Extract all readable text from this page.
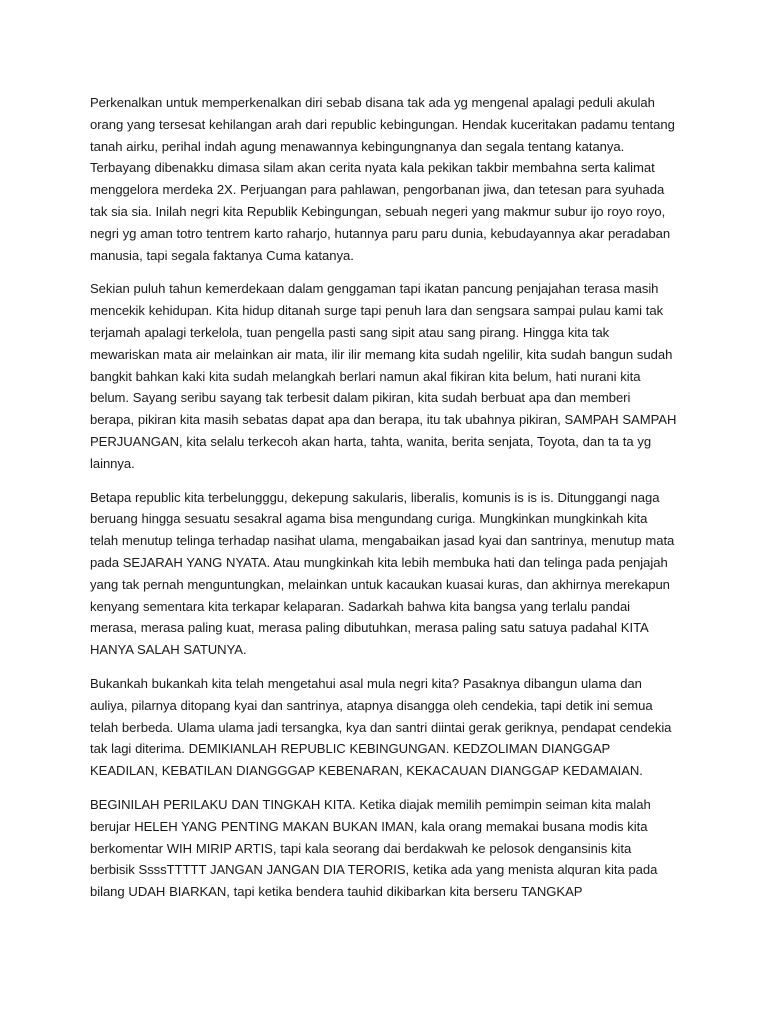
Perkenalkan untuk memperkenalkan diri sebab disana tak ada yg mengenal apalagi peduli akulah orang yang tersesat kehilangan arah dari republic kebingungan. Hendak kuceritakan padamu tentang tanah airku, perihal indah agung menawannya kebingungnanya dan segala tentang katanya. Terbayang dibenakku dimasa silam akan cerita nyata kala pekikan takbir membahna serta kalimat menggelora merdeka 2X. Perjuangan para pahlawan, pengorbanan jiwa, dan tetesan para syuhada tak sia sia. Inilah negri kita Republik Kebingungan, sebuah negeri yang makmur subur ijo royo royo, negri yg aman totro tentrem karto raharjo, hutannya paru paru dunia, kebudayannya akar peradaban manusia, tapi segala faktanya Cuma katanya.

Sekian puluh tahun kemerdekaan dalam genggaman tapi ikatan pancung penjajahan terasa masih mencekik kehidupan. Kita hidup ditanah surge tapi penuh lara dan sengsara sampai pulau kami tak terjamah apalagi terkelola, tuan pengella pasti sang sipit atau sang pirang. Hingga kita tak mewariskan mata air melainkan air mata, ilir ilir memang kita sudah ngelilir, kita sudah bangun sudah bangkit bahkan kaki kita sudah melangkah berlari namun akal fikiran kita belum, hati nurani kita belum. Sayang seribu sayang tak terbesit dalam pikiran, kita sudah berbuat apa dan memberi berapa, pikiran kita masih sebatas dapat apa dan berapa, itu tak ubahnya pikiran, SAMPAH SAMPAH PERJUANGAN, kita selalu terkecoh akan harta, tahta, wanita, berita senjata, Toyota, dan ta ta yg lainnya.

Betapa republic kita terbelungggu, dekepung sakularis, liberalis, komunis is is is. Ditunggangi naga beruang hingga sesuatu sesakral agama bisa mengundang curiga. Mungkinkan mungkinkah kita telah menutup telinga terhadap nasihat ulama, mengabaikan jasad kyai dan santrinya, menutup mata pada SEJARAH YANG NYATA. Atau mungkinkah kita lebih membuka hati dan telinga pada penjajah yang tak pernah menguntungkan, melainkan untuk kacaukan kuasai kuras, dan akhirnya merekapun kenyang sementara kita terkapar kelaparan. Sadarkah bahwa kita bangsa yang terlalu pandai merasa, merasa paling kuat, merasa paling dibutuhkan, merasa paling satu satuya padahal KITA HANYA SALAH SATUNYA.

Bukankah bukankah kita telah mengetahui asal mula negri kita? Pasaknya dibangun ulama dan auliya, pilarnya ditopang kyai dan santrinya, atapnya disangga oleh cendekia, tapi detik ini semua telah berbeda. Ulama ulama jadi tersangka, kya dan santri diintai gerak geriknya, pendapat cendekia tak lagi diterima. DEMIKIANLAH REPUBLIC KEBINGUNGAN. KEDZOLIMAN DIANGGAP KEADILAN, KEBATILAN DIANGGGAP KEBENARAN, KEKACAUAN DIANGGAP KEDAMAIAN.

BEGINILAH PERILAKU DAN TINGKAH KITA. Ketika diajak memilih pemimpin seiman kita malah berujar HELEH YANG PENTING MAKAN BUKAN IMAN, kala orang memakai busana modis kita berkomentar WIH MIRIP ARTIS, tapi kala seorang dai berdakwah ke pelosok dengansinis kita berbisik SsssTTTTT JANGAN JANGAN DIA TERORIS, ketika ada yang menista alquran kita pada bilang UDAH BIARKAN, tapi ketika bendera tauhid dikibarkan kita berseru TANGKAP
